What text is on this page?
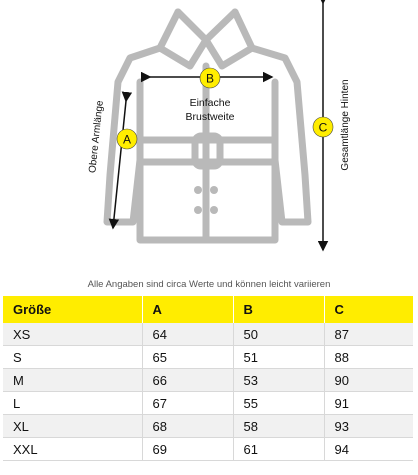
A
B
C
Obere Armlänge	Einfache
Brustweite	Gesamtlänge Hinten
Alle Angaben sind circa Werte und können leicht variieren
Größe	A	B	C
XS	64	50	87
S	65	51	88
M	66	53	90
L	67	55	91
XL	68	58	93
XXL	69	61	94
